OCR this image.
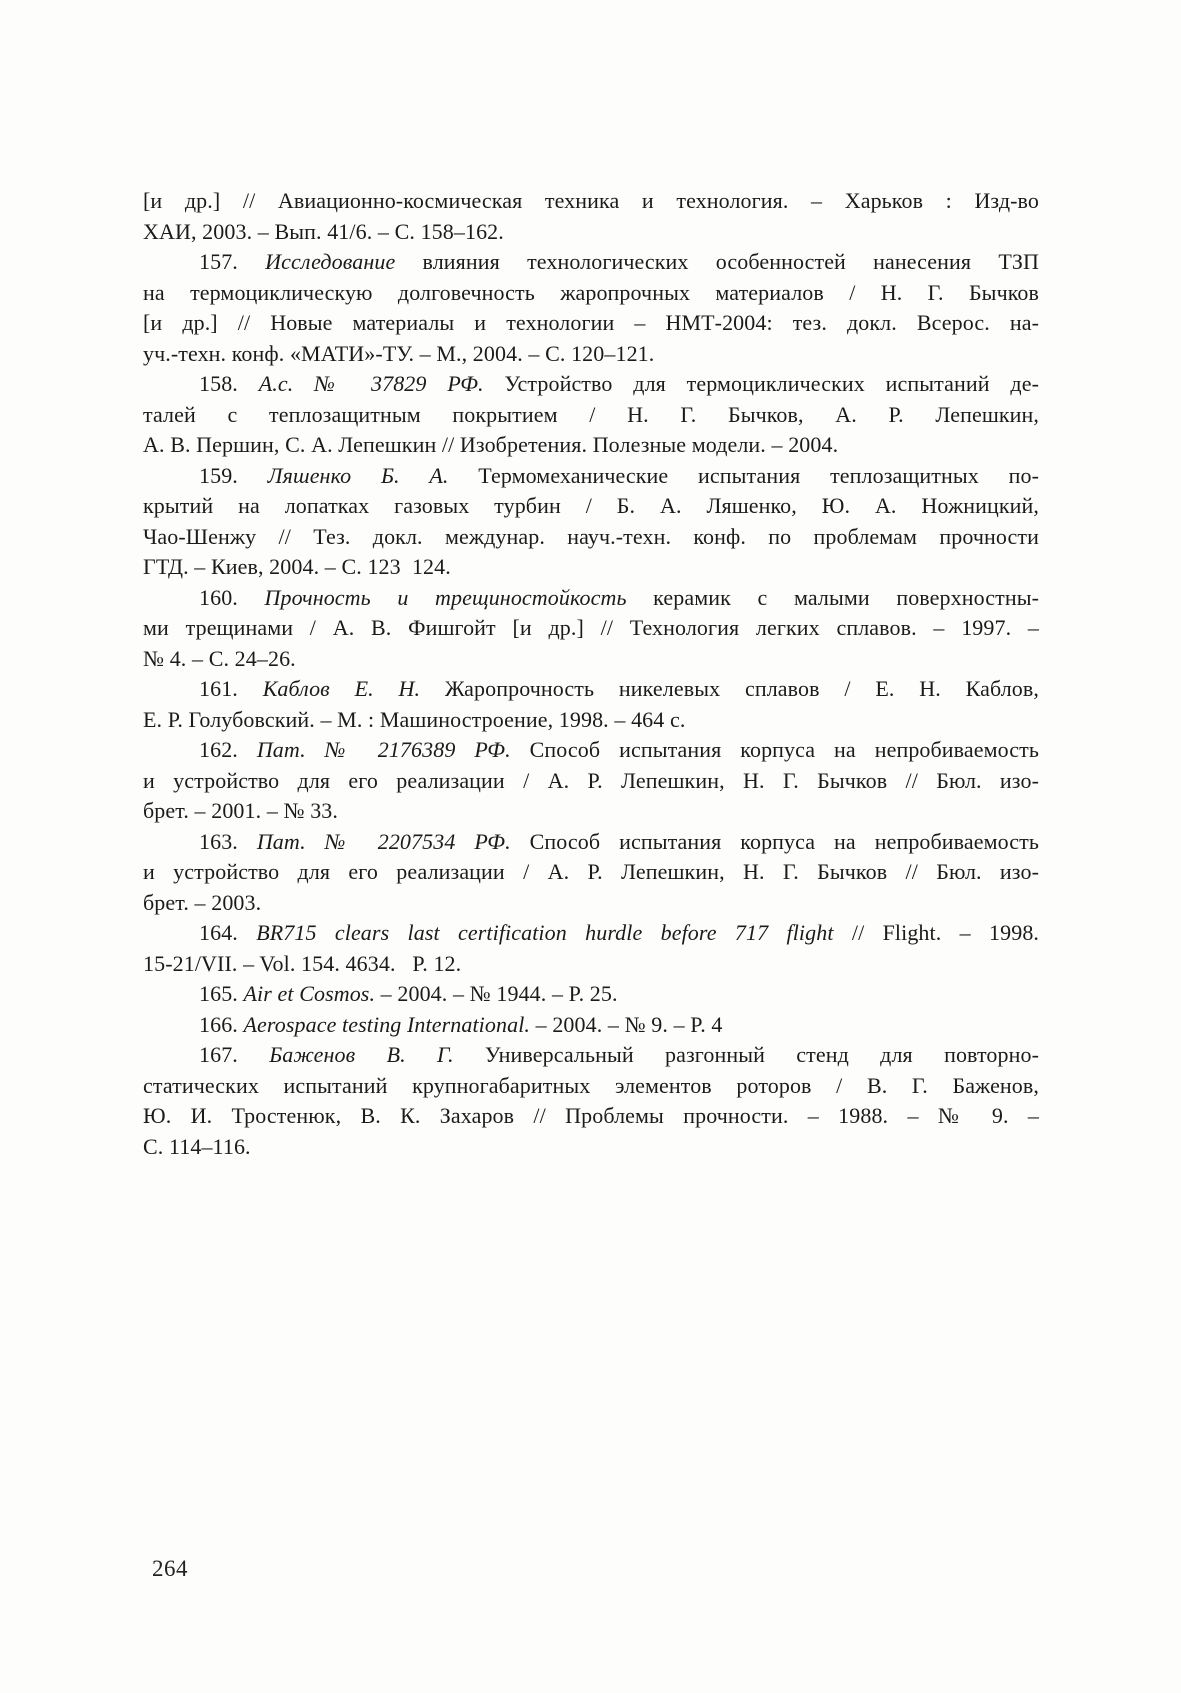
[и др.] // Авиационно-космическая техника и технология. – Харьков : Изд-во
ХАИ, 2003. – Вып. 41/6. – С. 158–162.
157. Исследование влияния технологических особенностей нанесения ТЗП
на термоциклическую долговечность жаропрочных материалов / Н. Г. Бычков
[и др.] // Новые материалы и технологии – НМТ-2004: тез. докл. Всерос. на-
уч.-техн. конф. «МАТИ»-ТУ. – М., 2004. – С. 120–121.
158. А.с. № 37829 РФ. Устройство для термоциклических испытаний де-
талей с теплозащитным покрытием / Н. Г. Бычков, А. Р. Лепешкин,
А. В. Першин, С. А. Лепешкин // Изобретения. Полезные модели. – 2004.
159. Ляшенко Б. А. Термомеханические испытания теплозащитных по-
крытий на лопатках газовых турбин / Б. А. Ляшенко, Ю. А. Ножницкий,
Чао-Шенжу // Тез. докл. междунар. науч.-техн. конф. по проблемам прочности
ГТД. – Киев, 2004. – С. 123  124.
160. Прочность и трещиностойкость керамик с малыми поверхностны-
ми трещинами / А. В. Фишгойт [и др.] // Технология легких сплавов. – 1997. –
№ 4. – С. 24–26.
161. Каблов Е. Н. Жаропрочность никелевых сплавов / Е. Н. Каблов,
Е. Р. Голубовский. – М. : Машиностроение, 1998. – 464 с.
162. Пат. № 2176389 РФ. Способ испытания корпуса на непробиваемость
и устройство для его реализации / А. Р. Лепешкин, Н. Г. Бычков // Бюл. изо-
брет. – 2001. – № 33.
163. Пат. № 2207534 РФ. Способ испытания корпуса на непробиваемость
и устройство для его реализации / А. Р. Лепешкин, Н. Г. Бычков // Бюл. изо-
брет. – 2003.
164. BR715 clears last certification hurdle before 717 flight // Flight. – 1998.
15-21/VII. – Vol. 154. 4634.   P. 12.
165. Air et Cosmos. – 2004. – № 1944. – P. 25.
166. Aerospace testing International. – 2004. – № 9. – P. 4
167. Баженов В. Г. Универсальный разгонный стенд для повторно-
статических испытаний крупногабаритных элементов роторов / В. Г. Баженов,
Ю. И. Тростенюк, В. К. Захаров // Проблемы прочности. – 1988. – № 9. –
С. 114–116.
264
